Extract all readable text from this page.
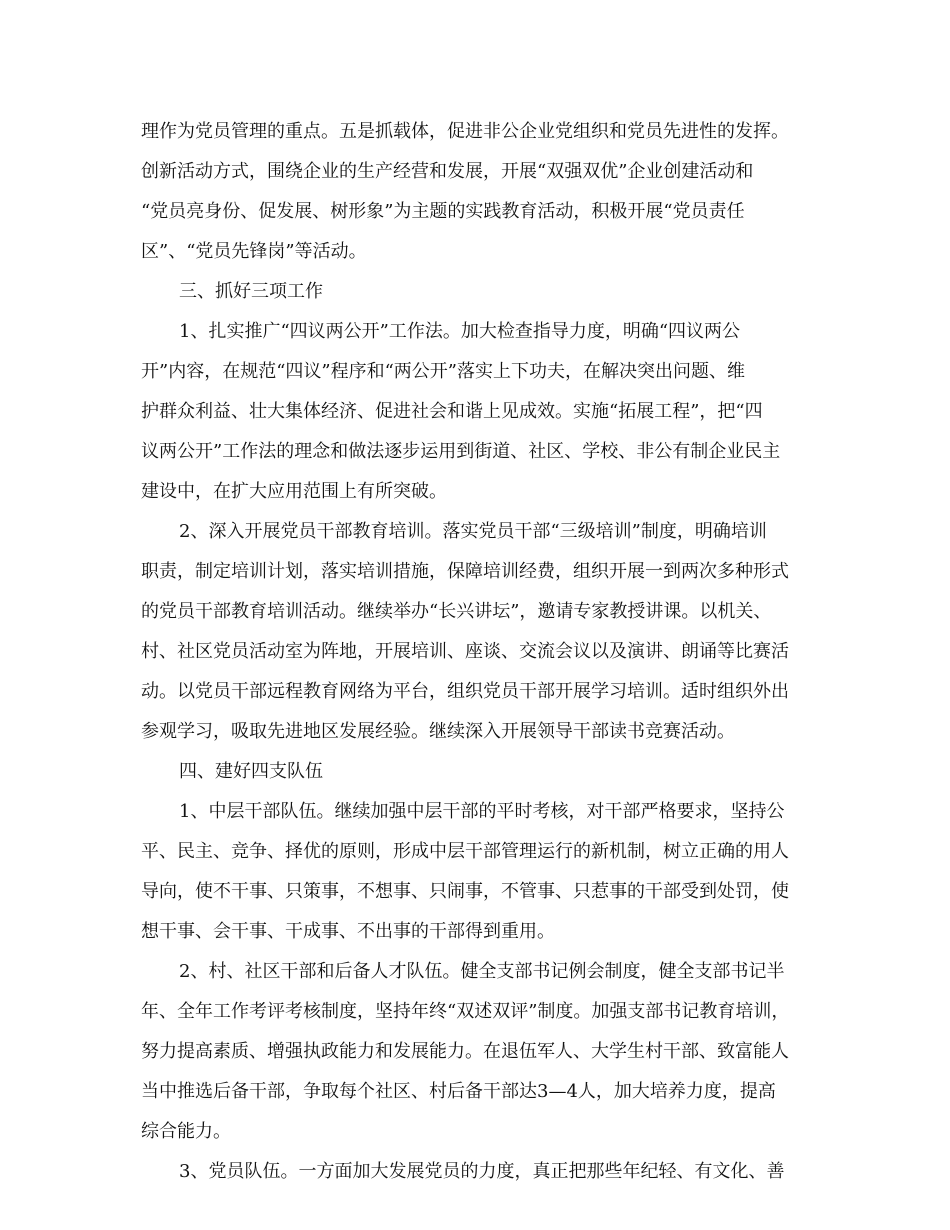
理作为党员管理的重点。五是抓载体，促进非公企业党组织和党员先进性的发挥。

创新活动方式，围绕企业的生产经营和发展，开展“双强双优”企业创建活动和

“党员亮身份、促发展、树形象”为主题的实践教育活动，积极开展“党员责任

区”、“党员先锋岗”等活动。

三、抓好三项工作

1、扎实推广“四议两公开”工作法。加大检查指导力度，明确“四议两公

开”内容，在规范“四议”程序和“两公开”落实上下功夫，在解决突出问题、维

护群众利益、壮大集体经济、促进社会和谐上见成效。实施“拓展工程”，把“四

议两公开”工作法的理念和做法逐步运用到街道、社区、学校、非公有制企业民主

建设中，在扩大应用范围上有所突破。

2、深入开展党员干部教育培训。落实党员干部“三级培训”制度，明确培训

职责，制定培训计划，落实培训措施，保障培训经费，组织开展一到两次多种形式

的党员干部教育培训活动。继续举办“长兴讲坛”，邀请专家教授讲课。以机关、

村、社区党员活动室为阵地，开展培训、座谈、交流会议以及演讲、朗诵等比赛活

动。以党员干部远程教育网络为平台，组织党员干部开展学习培训。适时组织外出

参观学习，吸取先进地区发展经验。继续深入开展领导干部读书竞赛活动。

四、建好四支队伍

1、中层干部队伍。继续加强中层干部的平时考核，对干部严格要求，坚持公

平、民主、竞争、择优的原则，形成中层干部管理运行的新机制，树立正确的用人

导向，使不干事、只策事，不想事、只闹事，不管事、只惹事的干部受到处罚，使

想干事、会干事、干成事、不出事的干部得到重用。

2、村、社区干部和后备人才队伍。健全支部书记例会制度，健全支部书记半

年、全年工作考评考核制度，坚持年终“双述双评”制度。加强支部书记教育培训，

努力提高素质、增强执政能力和发展能力。在退伍军人、大学生村干部、致富能人

当中推选后备干部，争取每个社区、村后备干部达3—4人，加大培养力度，提高

综合能力。

3、党员队伍。一方面加大发展党员的力度，真正把那些年纪轻、有文化、善
